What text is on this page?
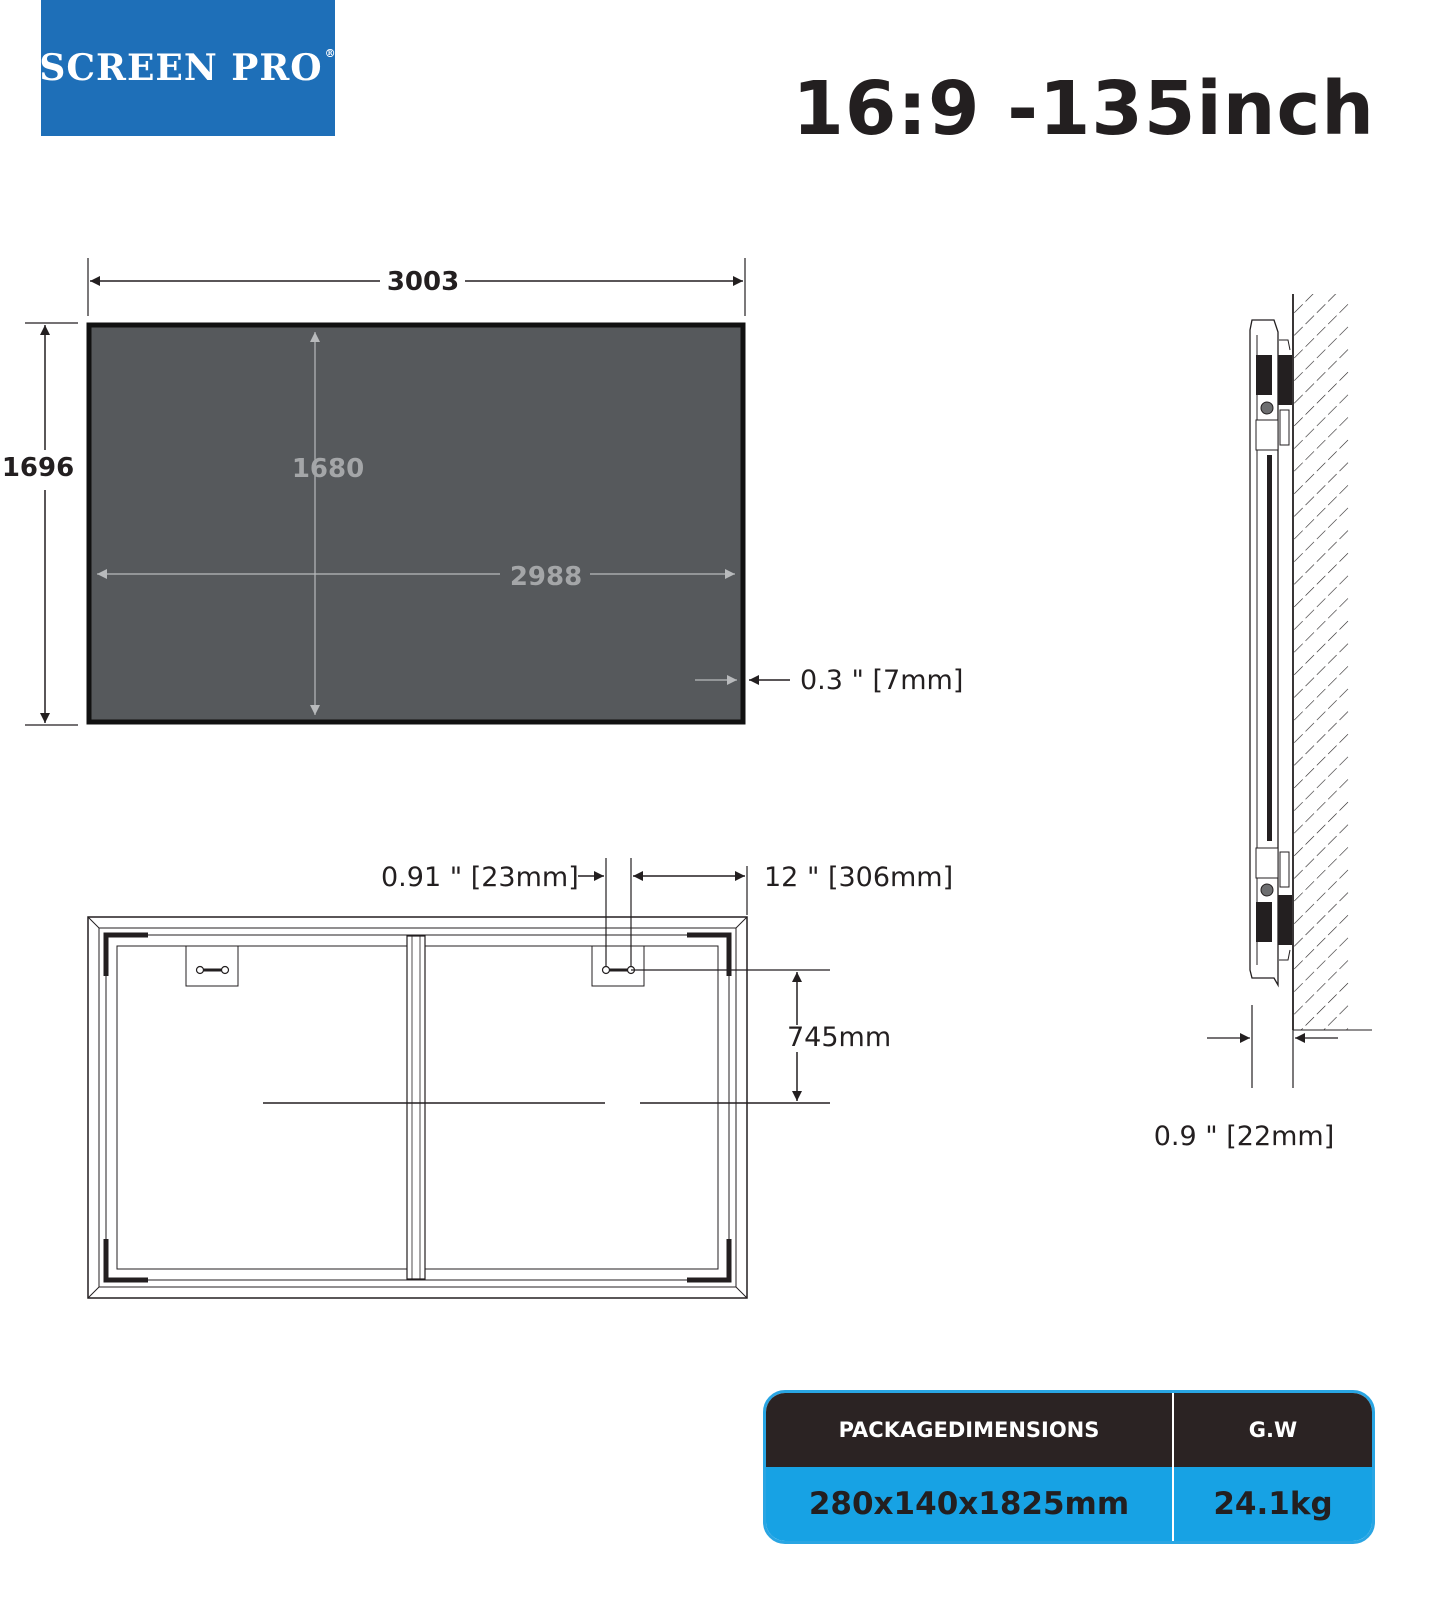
SCREEN PRO ®
16:9 -135inch
3003
1696	1680
2988
0.3 " [7mm]
745mm
0.91 " [23mm]	12 " [306mm]
0.9 " [22mm]
PACKAGEDIMENSIONS	G.W
280x140x1825mm	24.1kg
